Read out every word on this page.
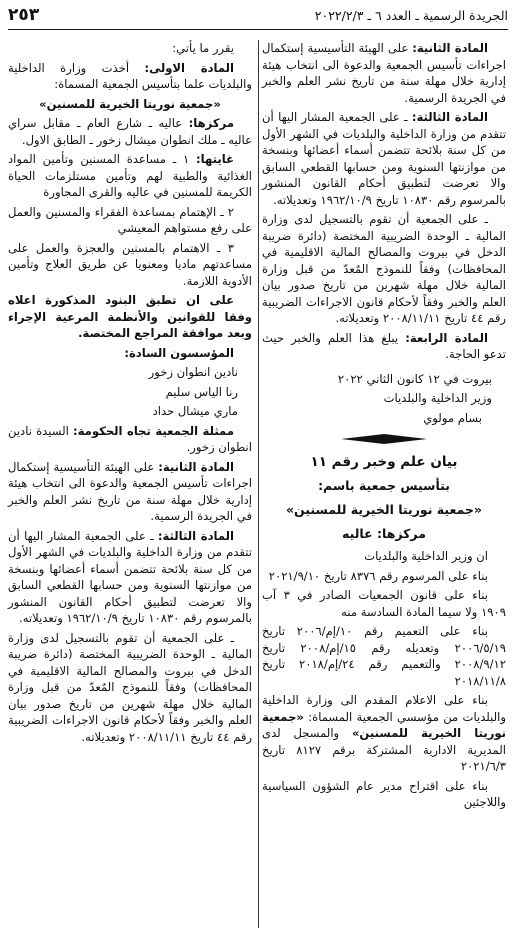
الجريدة الرسمية ـ العدد ٦ ـ ٢٠٢٢/٢/٣
٢٥٣

المادة الثانية: على الهيئة التأسيسية إستكمال اجراءات تأسيس الجمعية والدعوة الى انتخاب هيئة إدارية خلال مهلة سنة من تاريخ نشر العلم والخبر في الجريدة الرسمية.

المادة الثالثة: ـ على الجمعية المشار اليها أن تتقدم من وزارة الداخلية والبلديات في الشهر الأول من كل سنة بلائحة تتضمن أسماء أعضائها وبنسخة من موازنتها السنوية ومن حسابها القطعي السابق والا تعرضت لتطبيق أحكام القانون المنشور بالمرسوم رقم ١٠٨٣٠ تاريخ ١٩٦٢/١٠/٩ وتعديلاته.

ـ على الجمعية أن تقوم بالتسجيل لدى وزارة المالية ـ الوحدة الضريبية المختصة (دائرة ضريبة الدخل في بيروت والمصالح المالية الاقليمية في المحافظات) وفقاً للنموذج المُعدّ من قبل وزارة المالية خلال مهلة شهرين من تاريخ صدور بيان العلم والخبر وفقاً لأحكام قانون الاجراءات الضريبية رقم ٤٤ تاريخ ٢٠٠٨/١١/١١ وتعديلاته.

المادة الرابعة: يبلغ هذا العلم والخبر حيث تدعو الحاجة.

بيروت في ١٢ كانون الثاني ٢٠٢٢

وزير الداخلية والبلديات

بسام مولوي

بيان علم وخبر رقم ١١
بتأسيس جمعية باسم:
«جمعية نوريتا الخيرية للمسنين»
مركزها: عاليه

ان وزير الداخلية والبلديات

بناء على المرسوم رقم ٨٣٧٦ تاريخ ٢٠٢١/٩/١٠

بناء على قانون الجمعيات الصادر في ٣ آب ١٩٠٩ ولا سيما المادة السادسة منه

بناء على التعميم رقم ١٠/إم/٢٠٠٦ تاريخ ٢٠٠٦/٥/١٩ وتعديله رقم ١٥/إم/٢٠٠٨ تاريخ ٢٠٠٨/٩/١٢ والتعميم رقم ٢٤/إم/٢٠١٨ تاريخ ٢٠١٨/١١/٨

بناء على الاعلام المقدم الى وزارة الداخلية والبلديات من مؤسسي الجمعية المسماة: «جمعية نوريتا الخيرية للمسنين» والمسجل لدى المديرية الادارية المشتركة برقم ٨١٢٧ تاريخ ٢٠٢١/٦/٣

بناء على اقتراح مدير عام الشؤون السياسية واللاجئين

يقرر ما يأتي:

المادة الاولى: أخذت وزارة الداخلية والبلديات علما بتأسيس الجمعية المسماة:

«جمعية نوريتا الخيرية للمسنين»

مركزها: عاليه ـ شارع العام ـ مقابل سراي عاليه ـ ملك انطوان ميشال زخور ـ الطابق الاول.

غايتها: ١ ـ مساعدة المسنين وتأمين المواد الغذائية والطبية لهم وتأمين مستلزمات الحياة الكريمة للمسنين في عاليه والقرى المجاورة

٢ ـ الإهتمام بمساعدة الفقراء والمسنين والعمل على رفع مستواهم المعيشي

٣ ـ الاهتمام بالمسنين والعجزة والعمل على مساعدتهم ماديا ومعنويا عن طريق العلاج وتأمين الأدوية اللازمة.

على ان تطبق البنود المذكورة اعلاه وفقا للقوانين والأنظمة المرعية الإجراء وبعد موافقة المراجع المختصة.

المؤسسون السادة:

نادين انطوان زخور

رنا الياس سليم

ماري ميشال حداد

ممثلة الجمعية تجاه الحكومة: السيدة نادين انطوان زخور.

المادة الثانية: على الهيئة التأسيسية إستكمال اجراءات تأسيس الجمعية والدعوة الى انتخاب هيئة إدارية خلال مهلة سنة من تاريخ نشر العلم والخبر في الجريدة الرسمية.

المادة الثالثة: ـ على الجمعية المشار اليها أن تتقدم من وزارة الداخلية والبلديات في الشهر الأول من كل سنة بلائحة تتضمن أسماء أعضائها وبنسخة من موازنتها السنوية ومن حسابها القطعي السابق والا تعرضت لتطبيق أحكام القانون المنشور بالمرسوم رقم ١٠٨٣٠ تاريخ ١٩٦٢/١٠/٩ وتعديلاته.

ـ على الجمعية أن تقوم بالتسجيل لدى وزارة المالية ـ الوحدة الضريبية المختصة (دائرة ضريبة الدخل في بيروت والمصالح المالية الاقليمية في المحافظات) وفقاً للنموذج المُعدّ من قبل وزارة المالية خلال مهلة شهرين من تاريخ صدور بيان العلم والخبر وفقاً لأحكام قانون الاجراءات الضريبية رقم ٤٤ تاريخ ٢٠٠٨/١١/١١ وتعديلاته.
